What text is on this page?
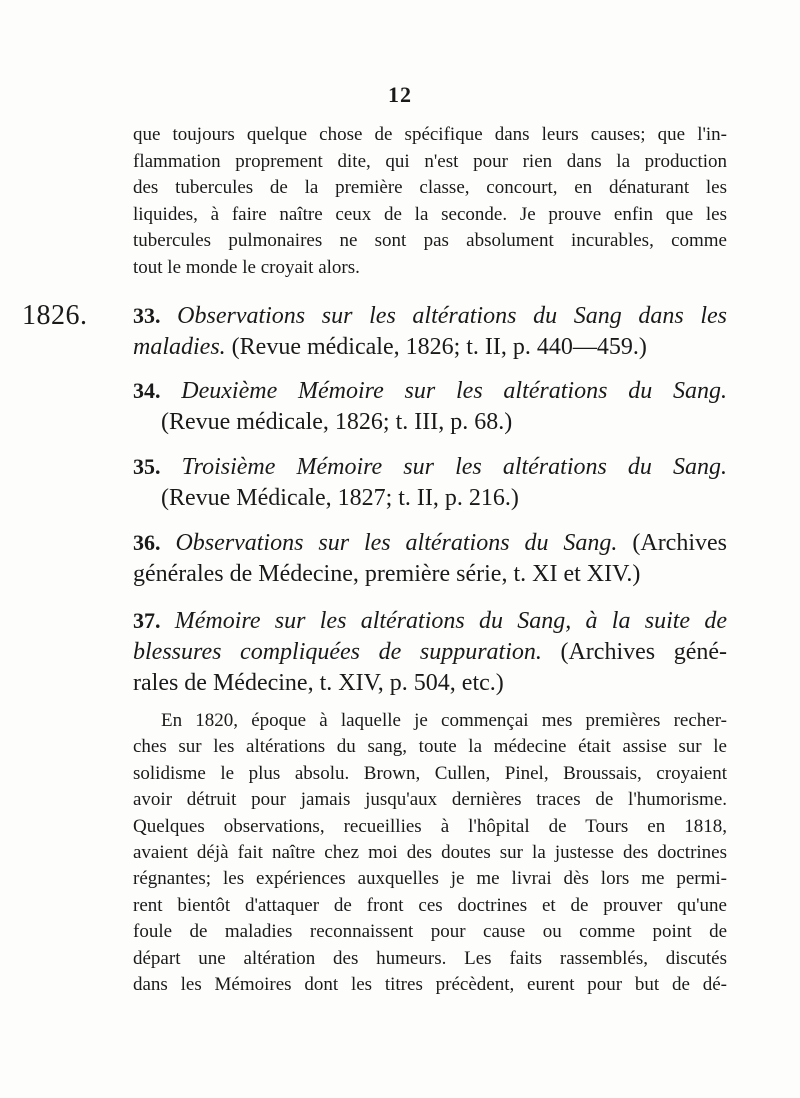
12
que toujours quelque chose de spécifique dans leurs causes; que l'in-
flammation proprement dite, qui n'est pour rien dans la production
des tubercules de la première classe, concourt, en dénaturant les
liquides, à faire naître ceux de la seconde. Je prouve enfin que les
tubercules pulmonaires ne sont pas absolument incurables, comme
tout le monde le croyait alors.
1826. 33. Observations sur les altérations du Sang dans les
maladies. (Revue médicale, 1826; t. II, p. 440—459.)
34. Deuxième Mémoire sur les altérations du Sang.
(Revue médicale, 1826; t. III, p. 68.)
35. Troisième Mémoire sur les altérations du Sang.
(Revue Médicale, 1827; t. II, p. 216.)
36. Observations sur les altérations du Sang. (Archives
générales de Médecine, première série, t. XI et XIV.)
37. Mémoire sur les altérations du Sang, à la suite de
blessures compliquées de suppuration. (Archives géné-
rales de Médecine, t. XIV, p. 504, etc.)
En 1820, époque à laquelle je commençai mes premières recher-
ches sur les altérations du sang, toute la médecine était assise sur le
solidisme le plus absolu. Brown, Cullen, Pinel, Broussais, croyaient
avoir détruit pour jamais jusqu'aux dernières traces de l'humorisme.
Quelques observations, recueillies à l'hôpital de Tours en 1818,
avaient déjà fait naître chez moi des doutes sur la justesse des doctrines
régnantes; les expériences auxquelles je me livrai dès lors me permi-
rent bientôt d'attaquer de front ces doctrines et de prouver qu'une
foule de maladies reconnaissent pour cause ou comme point de
départ une altération des humeurs. Les faits rassemblés, discutés
dans les Mémoires dont les titres précèdent, eurent pour but de dé-
